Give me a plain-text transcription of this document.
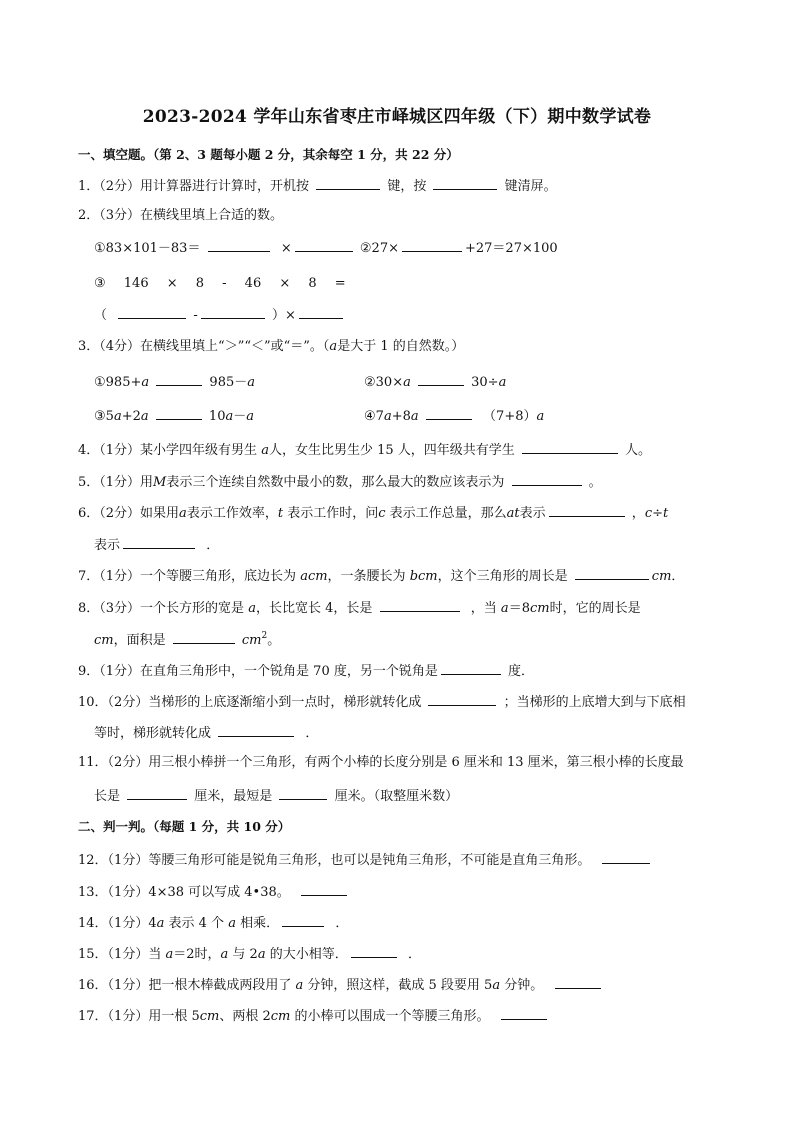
2023-2024 学年山东省枣庄市峄城区四年级（下）期中数学试卷
一、填空题。（第 2、3 题每小题 2 分，其余每空 1 分，共 22 分）
1．（2分）用计算器进行计算时，开机按	键，按	键清屏。
2．（3分）在横线里填上合适的数。
①83×101－83＝	×	②27×	+27＝27×100
③ 146 × 8 - 46 × 8 =
（	-	）×
3．（4分）在横线里填上“＞”“＜”或“＝”。（a是大于 1 的自然数。）
①985+a	985－a	②30×a	30÷a
③5a+2a	10a－a	④7a+8a	（7+8）a
4．（1分）某小学四年级有男生 a人，女生比男生少 15 人，四年级共有学生	人。
5．（1分）用M表示三个连续自然数中最小的数，那么最大的数应该表示为	。
6．（2分）如果用a表示工作效率，t 表示工作时，问c 表示工作总量，那么at表示	，c÷t
表示	．
7．（1分）一个等腰三角形，底边长为 acm，一条腰长为 bcm，这个三角形的周长是	cm．
8．（3分）一个长方形的宽是 a，长比宽长 4，长是	，当 a＝8cm时，它的周长是
cm，面积是	$cm^2$。
9．（1分）在直角三角形中，一个锐角是 70 度，另一个锐角是	度．
10．（2分）当梯形的上底逐渐缩小到一点时，梯形就转化成	；当梯形的上底增大到与下底相
等时，梯形就转化成	．
11．（2分）用三根小棒拼一个三角形，有两个小棒的长度分别是 6 厘米和 13 厘米，第三根小棒的长度最
长是	厘米，最短是	厘米。（取整厘米数）
二、判一判。（每题 1 分，共 10 分）
12．（1分）等腰三角形可能是锐角三角形，也可以是钝角三角形，不可能是直角三角形。
13．（1分）4×38 可以写成 4•38。
14．（1分）4a 表示 4 个 a 相乘．	．
15．（1分）当 a＝2时，a 与 2a 的大小相等．	．
16．（1分）把一根木棒截成两段用了 a 分钟，照这样，截成 5 段要用 5a 分钟。
17．（1分）用一根 5cm、两根 2cm 的小棒可以围成一个等腰三角形。
